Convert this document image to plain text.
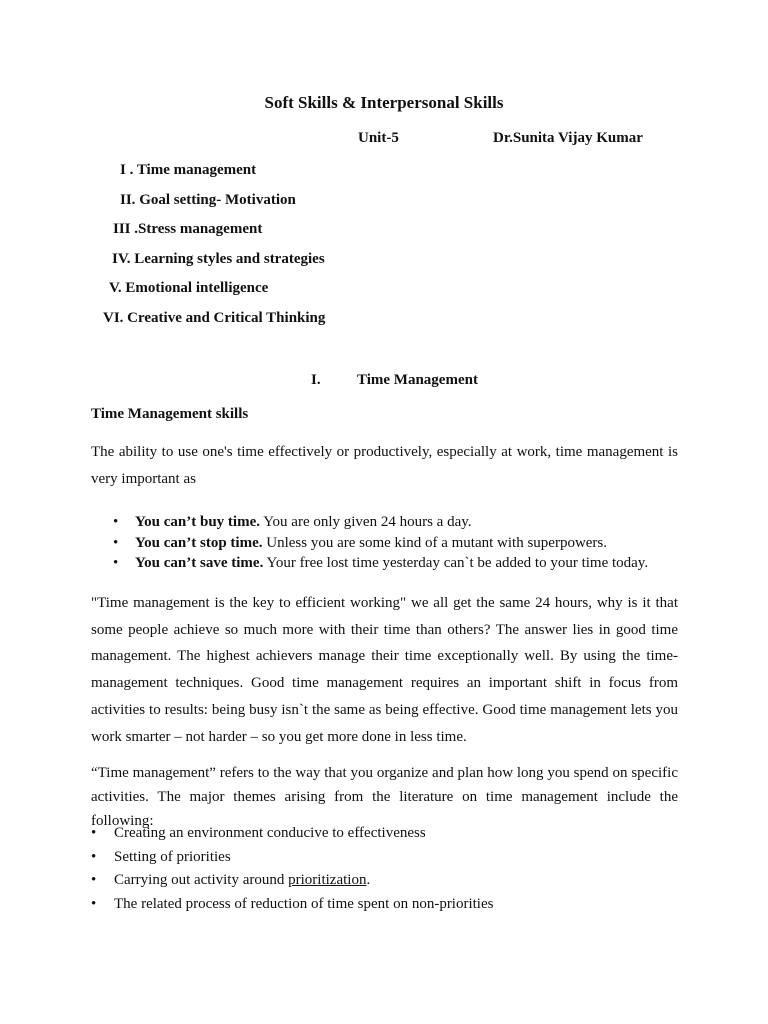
Soft Skills & Interpersonal Skills
Unit-5	Dr.Sunita Vijay Kumar
I . Time management
II. Goal setting- Motivation
III .Stress management
IV. Learning styles and strategies
V. Emotional intelligence
VI. Creative and Critical Thinking
I. Time Management
Time Management skills

The ability to use one's time effectively or productively, especially at work, time management is very important as

• You can’t buy time. You are only given 24 hours a day.
• You can’t stop time. Unless you are some kind of a mutant with superpowers.
• You can’t save time. Your free lost time yesterday can`t be added to your time today.

"Time management is the key to efficient working" we all get the same 24 hours, why is it that some people achieve so much more with their time than others? The answer lies in good time management. The highest achievers manage their time exceptionally well. By using the time-management techniques. Good time management requires an important shift in focus from activities to results: being busy isn`t the same as being effective. Good time management lets you work smarter – not harder – so you get more done in less time.

“Time management” refers to the way that you organize and plan how long you spend on specific activities. The major themes arising from the literature on time management include the following:

• Creating an environment conducive to effectiveness
• Setting of priorities
• Carrying out activity around prioritization.
• The related process of reduction of time spent on non-priorities
